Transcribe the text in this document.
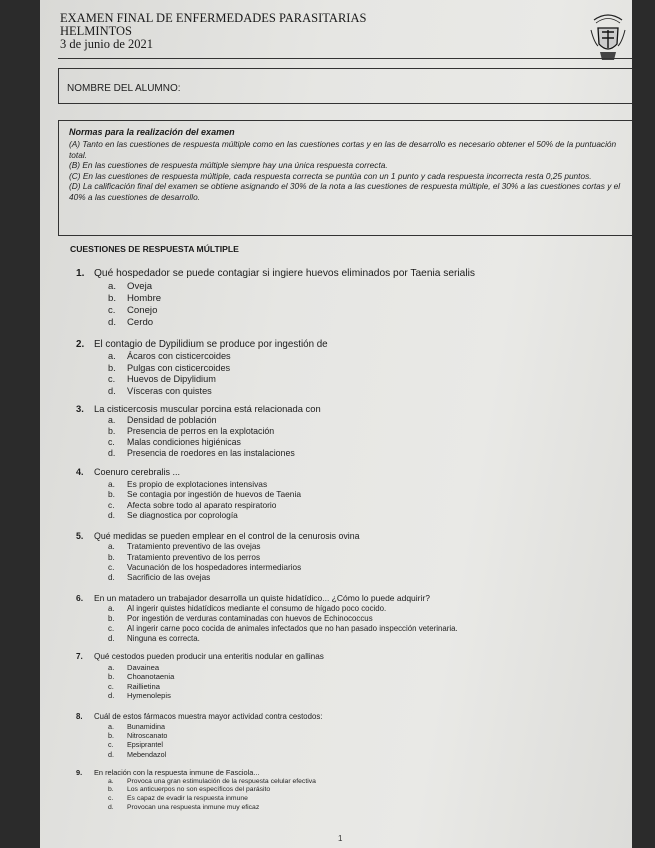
EXAMEN FINAL DE ENFERMEDADES PARASITARIAS
HELMINTOS
3 de junio de 2021
NOMBRE DEL ALUMNO:
Normas para la realización del examen
(A) Tanto en las cuestiones de respuesta múltiple como en las cuestiones cortas y en las de desarrollo es necesario obtener el 50% de la puntuación total.
(B) En las cuestiones de respuesta múltiple siempre hay una única respuesta correcta.
(C) En las cuestiones de respuesta múltiple, cada respuesta correcta se puntúa con un 1 punto y cada respuesta incorrecta resta 0,25 puntos.
(D) La calificación final del examen se obtiene asignando el 30% de la nota a las cuestiones de respuesta múltiple, el 30% a las cuestiones cortas y el 40% a las cuestiones de desarrollo.
CUESTIONES DE RESPUESTA MÚLTIPLE
1. Qué hospedador se puede contagiar si ingiere huevos eliminados por Taenia serialis
a. Oveja
b. Hombre
c. Conejo
d. Cerdo
2. El contagio de Dypilidium se produce por ingestión de
a. Ácaros con cisticercoides
b. Pulgas con cisticercoides
c. Huevos de Dipylidium
d. Vísceras con quistes
3. La cisticercosis muscular porcina está relacionada con
a. Densidad de población
b. Presencia de perros en la explotación
c. Malas condiciones higiénicas
d. Presencia de roedores en las instalaciones
4. Coenuro cerebralis ...
a. Es propio de explotaciones intensivas
b. Se contagia por ingestión de huevos de Taenia
c. Afecta sobre todo al aparato respiratorio
d. Se diagnostica por coprología
5. Qué medidas se pueden emplear en el control de la cenurosis ovina
a. Tratamiento preventivo de las ovejas
b. Tratamiento preventivo de los perros
c. Vacunación de los hospedadores intermediarios
d. Sacrificio de las ovejas
6. En un matadero un trabajador desarrolla un quiste hidatídico... ¿Cómo lo puede adquirir?
a. Al ingerir quistes hidatídicos mediante el consumo de hígado poco cocido.
b. Por ingestión de verduras contaminadas con huevos de Echinococcus
c. Al ingerir carne poco cocida de animales infectados que no han pasado inspección veterinaria.
d. Ninguna es correcta.
7. Qué cestodos pueden producir una enteritis nodular en gallinas
a. Davainea
b. Choanotaenia
c. Raillietina
d. Hymenolepis
8. Cuál de estos fármacos muestra mayor actividad contra cestodos:
a. Bunamidina
b. Nitroscanato
c. Epsiprantel
d. Mebendazol
9. En relación con la respuesta inmune de Fasciola...
a. Provoca una gran estimulación de la respuesta celular efectiva
b. Los anticuerpos no son específicos del parásito
c. Es capaz de evadir la respuesta inmune
d. Provocan una respuesta inmune muy eficaz
1
